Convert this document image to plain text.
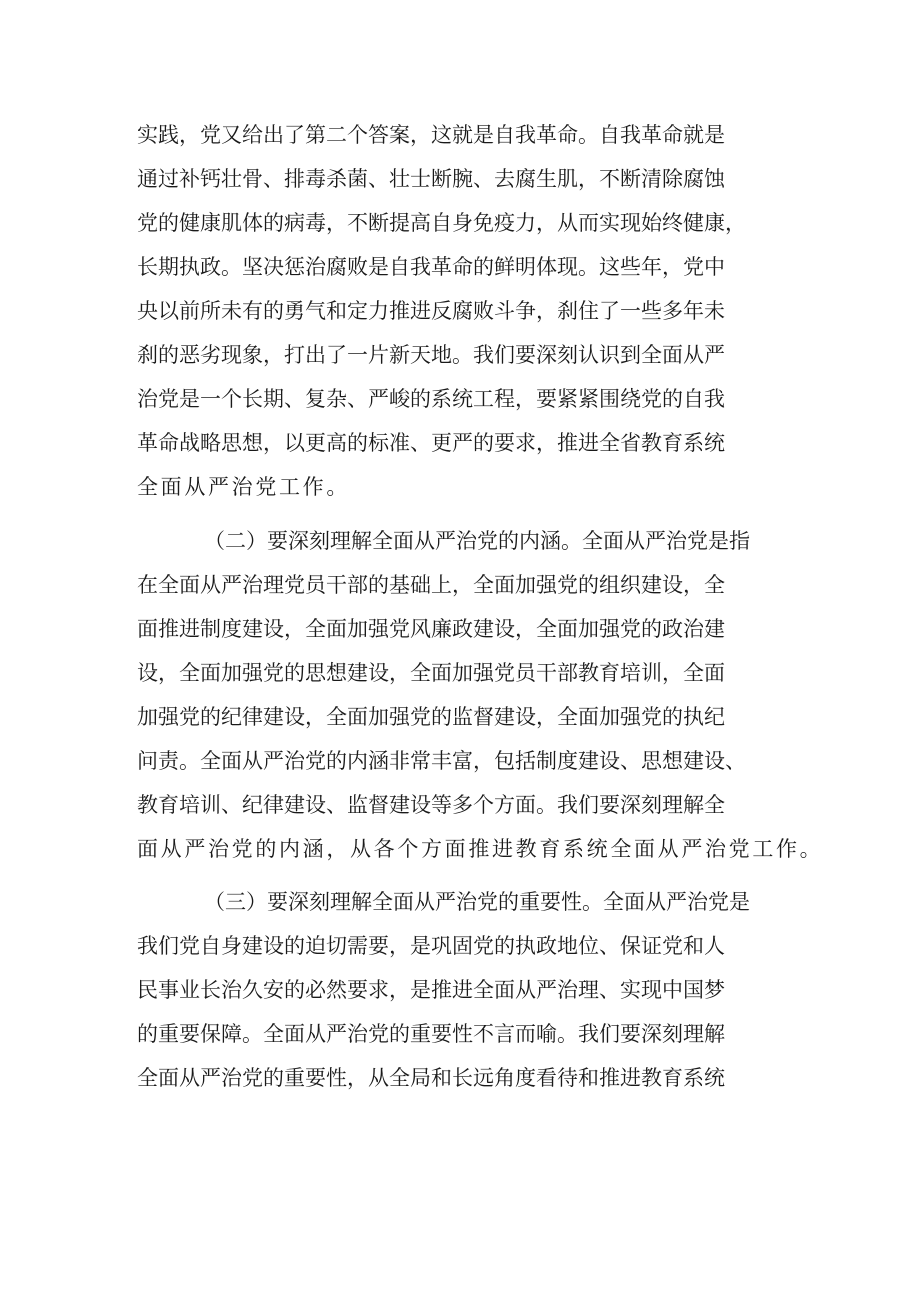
实践，党又给出了第二个答案，这就是自我革命。自我革命就是
通过补钙壮骨、排毒杀菌、壮士断腕、去腐生肌，不断清除腐蚀
党的健康肌体的病毒，不断提高自身免疫力，从而实现始终健康，
长期执政。坚决惩治腐败是自我革命的鲜明体现。这些年，党中
央以前所未有的勇气和定力推进反腐败斗争，刹住了一些多年未
刹的恶劣现象，打出了一片新天地。我们要深刻认识到全面从严
治党是一个长期、复杂、严峻的系统工程，要紧紧围绕党的自我
革命战略思想，以更高的标准、更严的要求，推进全省教育系统
全面从严治党工作。
（二）要深刻理解全面从严治党的内涵。全面从严治党是指
在全面从严治理党员干部的基础上，全面加强党的组织建设，全
面推进制度建设，全面加强党风廉政建设，全面加强党的政治建
设，全面加强党的思想建设，全面加强党员干部教育培训，全面
加强党的纪律建设，全面加强党的监督建设，全面加强党的执纪
问责。全面从严治党的内涵非常丰富，包括制度建设、思想建设、
教育培训、纪律建设、监督建设等多个方面。我们要深刻理解全
面从严治党的内涵，从各个方面推进教育系统全面从严治党工作。
（三）要深刻理解全面从严治党的重要性。全面从严治党是
我们党自身建设的迫切需要，是巩固党的执政地位、保证党和人
民事业长治久安的必然要求，是推进全面从严治理、实现中国梦
的重要保障。全面从严治党的重要性不言而喻。我们要深刻理解
全面从严治党的重要性，从全局和长远角度看待和推进教育系统
